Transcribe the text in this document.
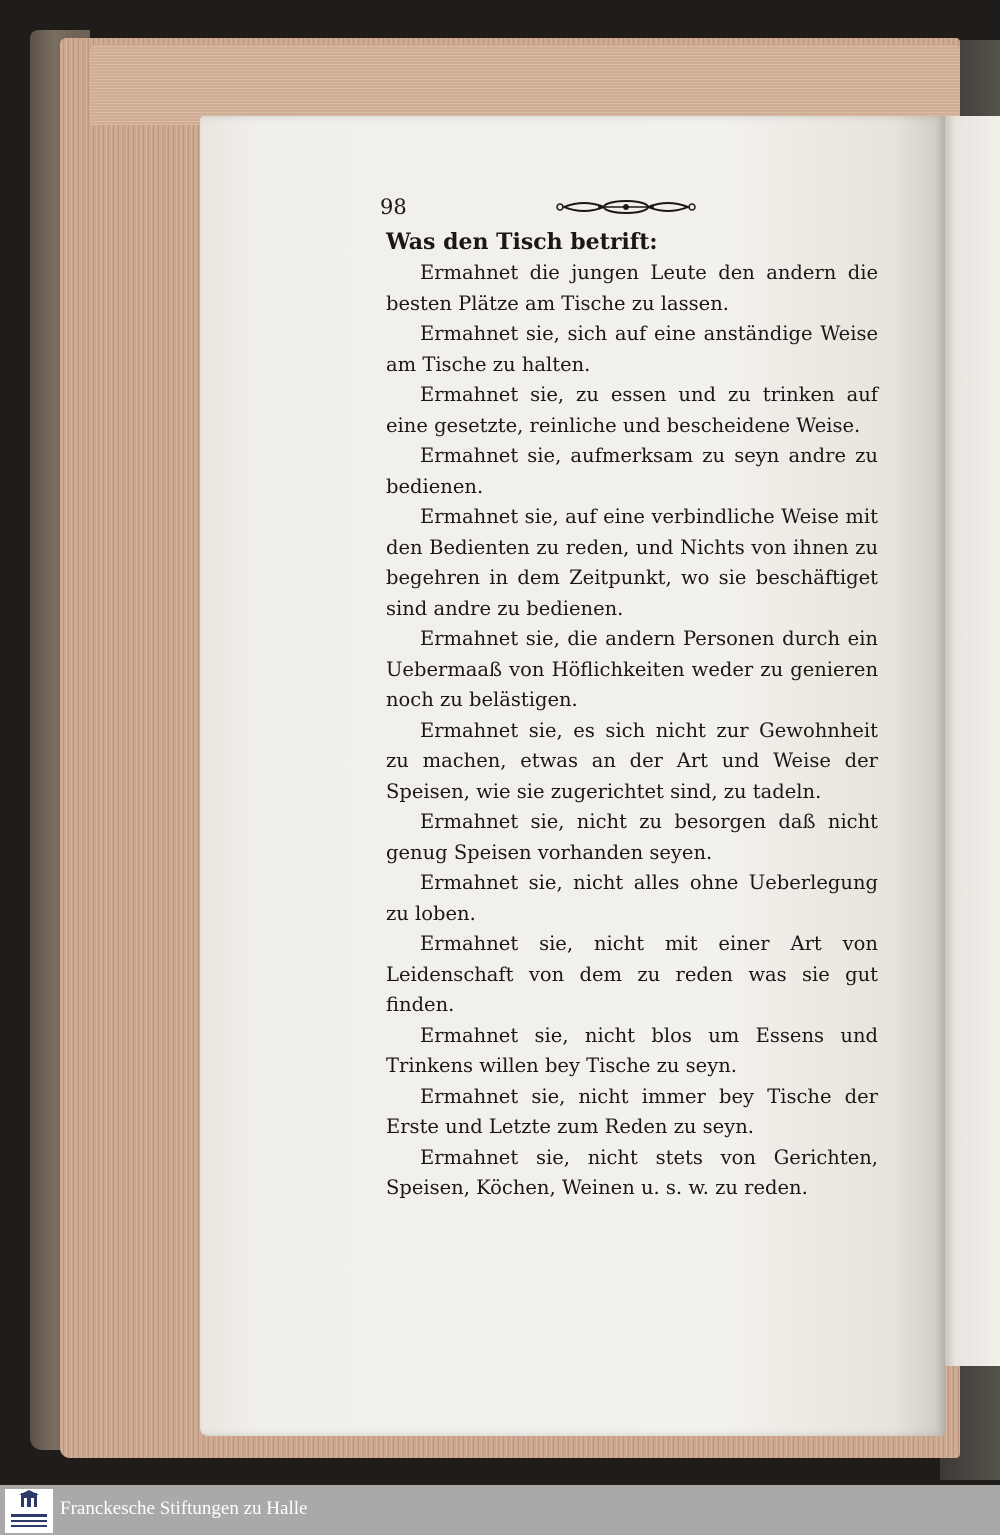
98
Was den Tisch betrift:

Ermahnet die jungen Leute den andern die besten Plätze am Tische zu lassen.

Ermahnet sie, sich auf eine anständige Weise am Tische zu halten.

Ermahnet sie, zu essen und zu trinken auf eine gesetzte, reinliche und bescheidene Weise.

Ermahnet sie, aufmerksam zu seyn andre zu bedienen.

Ermahnet sie, auf eine verbindliche Weise mit den Bedienten zu reden, und Nichts von ihnen zu begehren in dem Zeitpunkt, wo sie beschäftiget sind andre zu bedienen.

Ermahnet sie, die andern Personen durch ein Uebermaaß von Höflichkeiten weder zu genieren noch zu belästigen.

Ermahnet sie, es sich nicht zur Gewohnheit zu machen, etwas an der Art und Weise der Speisen, wie sie zugerichtet sind, zu tadeln.

Ermahnet sie, nicht zu besorgen daß nicht genug Speisen vorhanden seyen.

Ermahnet sie, nicht alles ohne Ueberlegung zu loben.

Ermahnet sie, nicht mit einer Art von Leidenschaft von dem zu reden was sie gut finden.

Ermahnet sie, nicht blos um Essens und Trinkens willen bey Tische zu seyn.

Ermahnet sie, nicht immer bey Tische der Erste und Letzte zum Reden zu seyn.

Ermahnet sie, nicht stets von Gerichten, Speisen, Köchen, Weinen u. s. w. zu reden.

Franckesche Stiftungen zu Halle
